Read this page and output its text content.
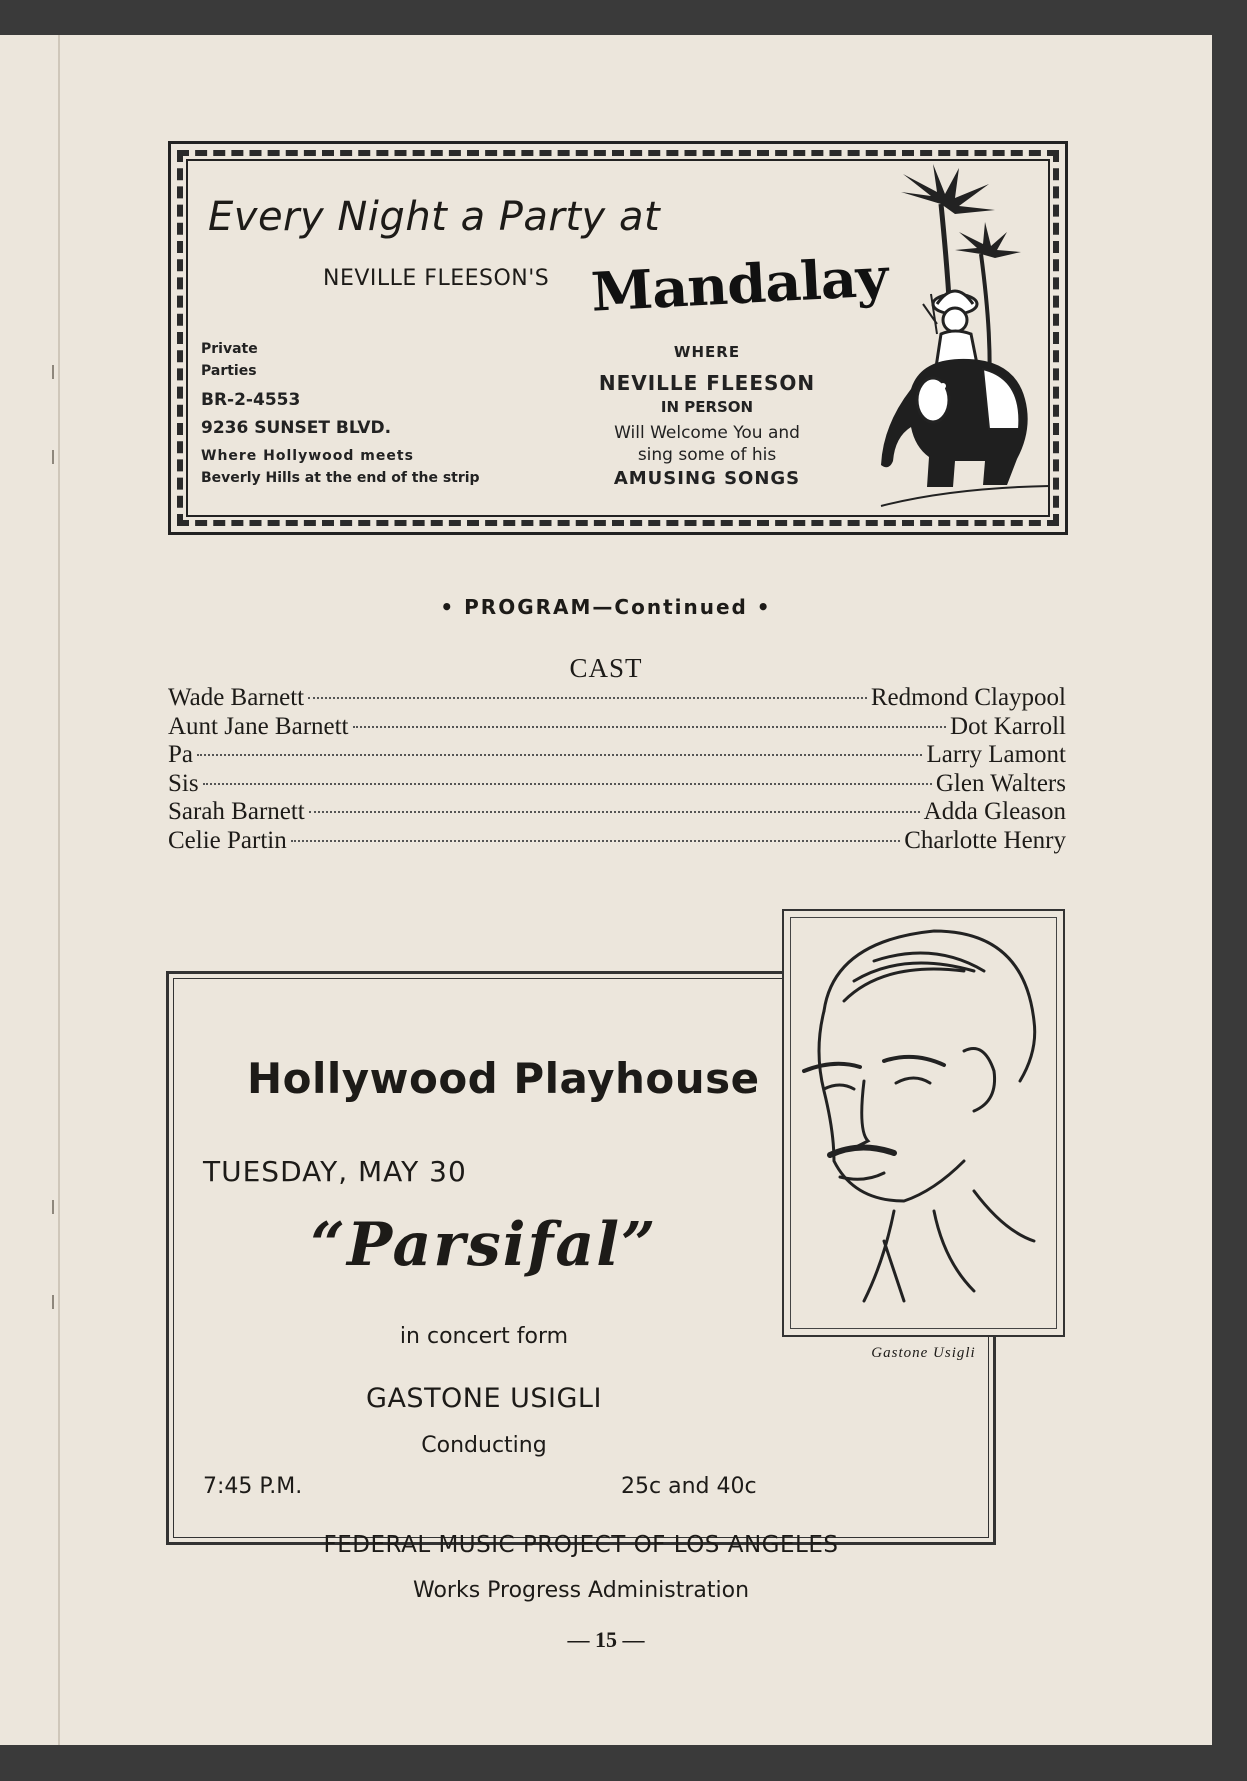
Every Night a Party at
NEVILLE FLEESON'S Mandalay
Private
Parties
BR-2-4553
9236 SUNSET BLVD.
Where Hollywood meets
Beverly Hills at the end of the strip
WHERE
NEVILLE FLEESON
IN PERSON
Will Welcome You and
sing some of his
AMUSING SONGS
• PROGRAM—Continued •
CAST
Wade Barnett	Redmond Claypool
Aunt Jane Barnett	Dot Karroll
Pa	Larry Lamont
Sis	Glen Walters
Sarah Barnett	Adda Gleason
Celie Partin	Charlotte Henry
Hollywood Playhouse
TUESDAY, MAY 30
“Parsifal”
in concert form
GASTONE USIGLI
Conducting
7:45 P.M.	25c and 40c
FEDERAL MUSIC PROJECT OF LOS ANGELES
Works Progress Administration
Gastone Usigli
— 15 —
